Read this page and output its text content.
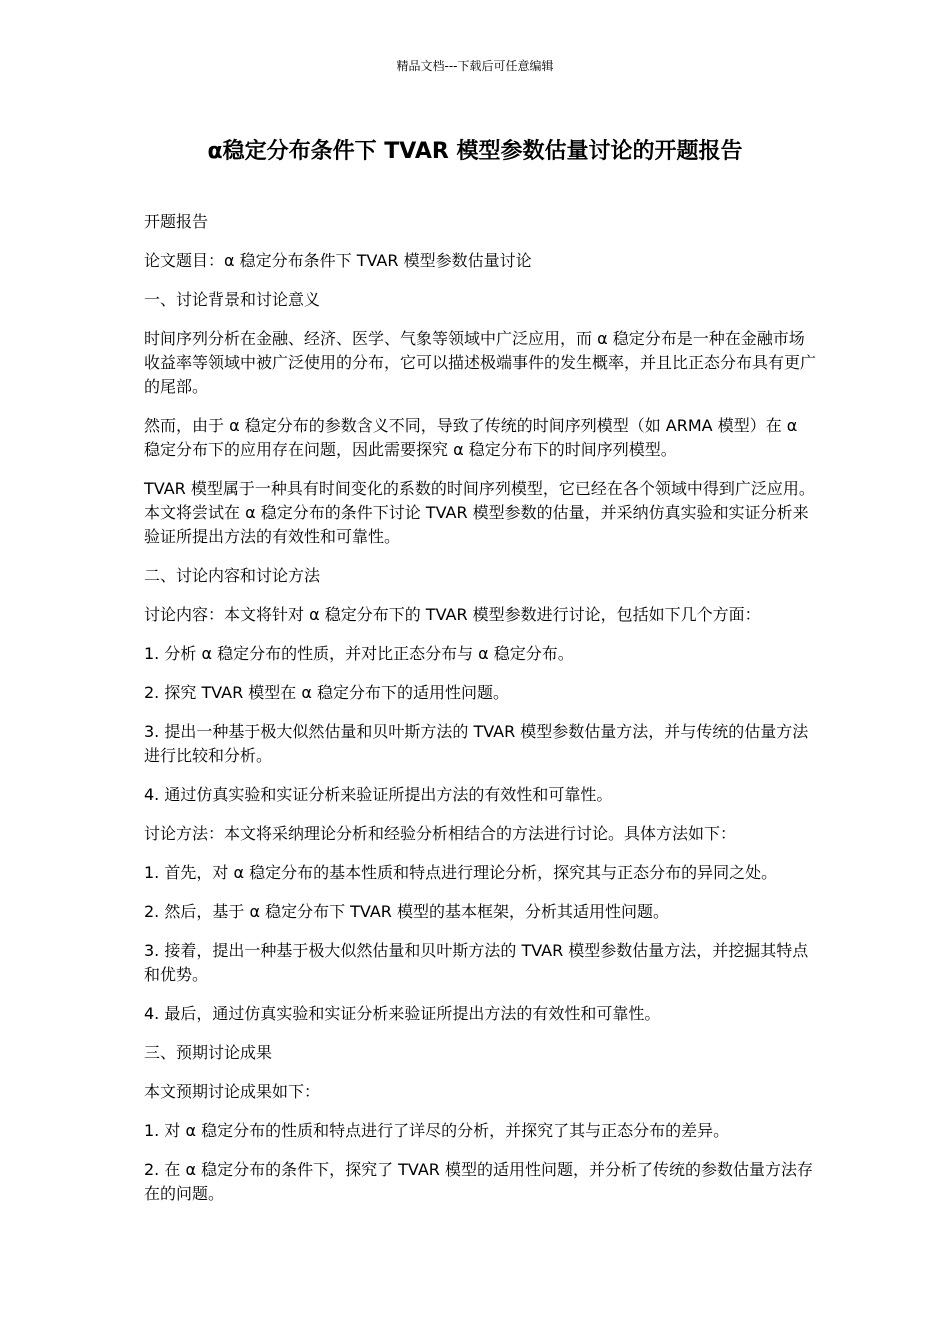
精品文档---下载后可任意编辑
α稳定分布条件下 TVAR 模型参数估量讨论的开题报告

开题报告

论文题目：α 稳定分布条件下 TVAR 模型参数估量讨论

一、讨论背景和讨论意义

时间序列分析在金融、经济、医学、气象等领域中广泛应用，而 α 稳定分布是一种在金融市场收益率等领域中被广泛使用的分布，它可以描述极端事件的发生概率，并且比正态分布具有更广的尾部。

然而，由于 α 稳定分布的参数含义不同，导致了传统的时间序列模型（如 ARMA 模型）在 α 稳定分布下的应用存在问题，因此需要探究 α 稳定分布下的时间序列模型。

TVAR 模型属于一种具有时间变化的系数的时间序列模型，它已经在各个领域中得到广泛应用。本文将尝试在 α 稳定分布的条件下讨论 TVAR 模型参数的估量，并采纳仿真实验和实证分析来验证所提出方法的有效性和可靠性。

二、讨论内容和讨论方法

讨论内容：本文将针对 α 稳定分布下的 TVAR 模型参数进行讨论，包括如下几个方面：

1. 分析 α 稳定分布的性质，并对比正态分布与 α 稳定分布。

2. 探究 TVAR 模型在 α 稳定分布下的适用性问题。

3. 提出一种基于极大似然估量和贝叶斯方法的 TVAR 模型参数估量方法，并与传统的估量方法进行比较和分析。

4. 通过仿真实验和实证分析来验证所提出方法的有效性和可靠性。

讨论方法：本文将采纳理论分析和经验分析相结合的方法进行讨论。具体方法如下：

1. 首先，对 α 稳定分布的基本性质和特点进行理论分析，探究其与正态分布的异同之处。

2. 然后，基于 α 稳定分布下 TVAR 模型的基本框架，分析其适用性问题。

3. 接着，提出一种基于极大似然估量和贝叶斯方法的 TVAR 模型参数估量方法，并挖掘其特点和优势。

4. 最后，通过仿真实验和实证分析来验证所提出方法的有效性和可靠性。

三、预期讨论成果

本文预期讨论成果如下：

1. 对 α 稳定分布的性质和特点进行了详尽的分析，并探究了其与正态分布的差异。

2. 在 α 稳定分布的条件下，探究了 TVAR 模型的适用性问题，并分析了传统的参数估量方法存在的问题。
